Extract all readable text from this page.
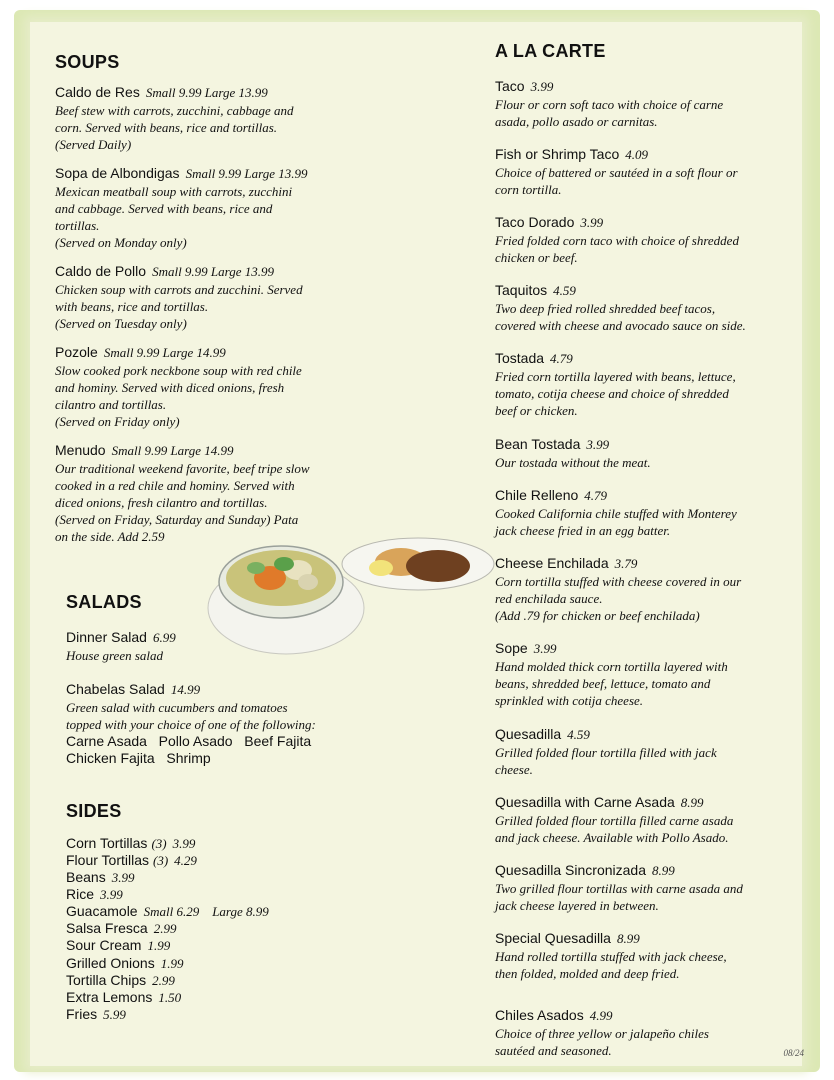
SOUPS
Caldo de Res Small 9.99 Large 13.99
Beef stew with carrots, zucchini, cabbage and
corn. Served with beans, rice and tortillas.
(Served Daily)
Sopa de Albondigas Small 9.99 Large 13.99
Mexican meatball soup with carrots, zucchini
and cabbage. Served with beans, rice and
tortillas.
(Served on Monday only)
Caldo de Pollo Small 9.99 Large 13.99
Chicken soup with carrots and zucchini. Served
with beans, rice and tortillas.
(Served on Tuesday only)
Pozole Small 9.99 Large 14.99
Slow cooked pork neckbone soup with red chile
and hominy. Served with diced onions, fresh
cilantro and tortillas.
(Served on Friday only)
Menudo Small 9.99 Large 14.99
Our traditional weekend favorite, beef tripe slow
cooked in a red chile and hominy. Served with
diced onions, fresh cilantro and tortillas.
(Served on Friday, Saturday and Sunday) Pata
on the side. Add 2.59
SALADS
Dinner Salad 6.99
House green salad
Chabelas Salad 14.99
Green salad with cucumbers and tomatoes
topped with your choice of one of the following:
Carne Asada   Pollo Asado   Beef Fajita
Chicken Fajita   Shrimp
SIDES
Corn Tortillas (3) 3.99
Flour Tortillas (3) 4.29
Beans 3.99
Rice 3.99
Guacamole Small 6.29    Large 8.99
Salsa Fresca 2.99
Sour Cream 1.99
Grilled Onions 1.99
Tortilla Chips 2.99
Extra Lemons 1.50
Fries 5.99
A LA CARTE
Taco 3.99
Flour or corn soft taco with choice of carne
asada, pollo asado or carnitas.
Fish or Shrimp Taco 4.09
Choice of battered or sautéed in a soft flour or
corn tortilla.
Taco Dorado 3.99
Fried folded corn taco with choice of shredded
chicken or beef.
Taquitos 4.59
Two deep fried rolled shredded beef tacos,
covered with cheese and avocado sauce on side.
Tostada 4.79
Fried corn tortilla layered with beans, lettuce,
tomato, cotija cheese and choice of shredded
beef or chicken.
Bean Tostada 3.99
Our tostada without the meat.
Chile Relleno 4.79
Cooked California chile stuffed with Monterey
jack cheese fried in an egg batter.
Cheese Enchilada 3.79
Corn tortilla stuffed with cheese covered in our
red enchilada sauce.
(Add .79 for chicken or beef enchilada)
Sope 3.99
Hand molded thick corn tortilla layered with
beans, shredded beef, lettuce, tomato and
sprinkled with cotija cheese.
Quesadilla 4.59
Grilled folded flour tortilla filled with jack
cheese.
Quesadilla with Carne Asada 8.99
Grilled folded flour tortilla filled carne asada
and jack cheese. Available with Pollo Asado.
Quesadilla Sincronizada 8.99
Two grilled flour tortillas with carne asada and
jack cheese layered in between.
Special Quesadilla 8.99
Hand rolled tortilla stuffed with jack cheese,
then folded, molded and deep fried.
Chiles Asados 4.99
Choice of three yellow or jalapeño chiles
sautéed and seasoned.	08/24
